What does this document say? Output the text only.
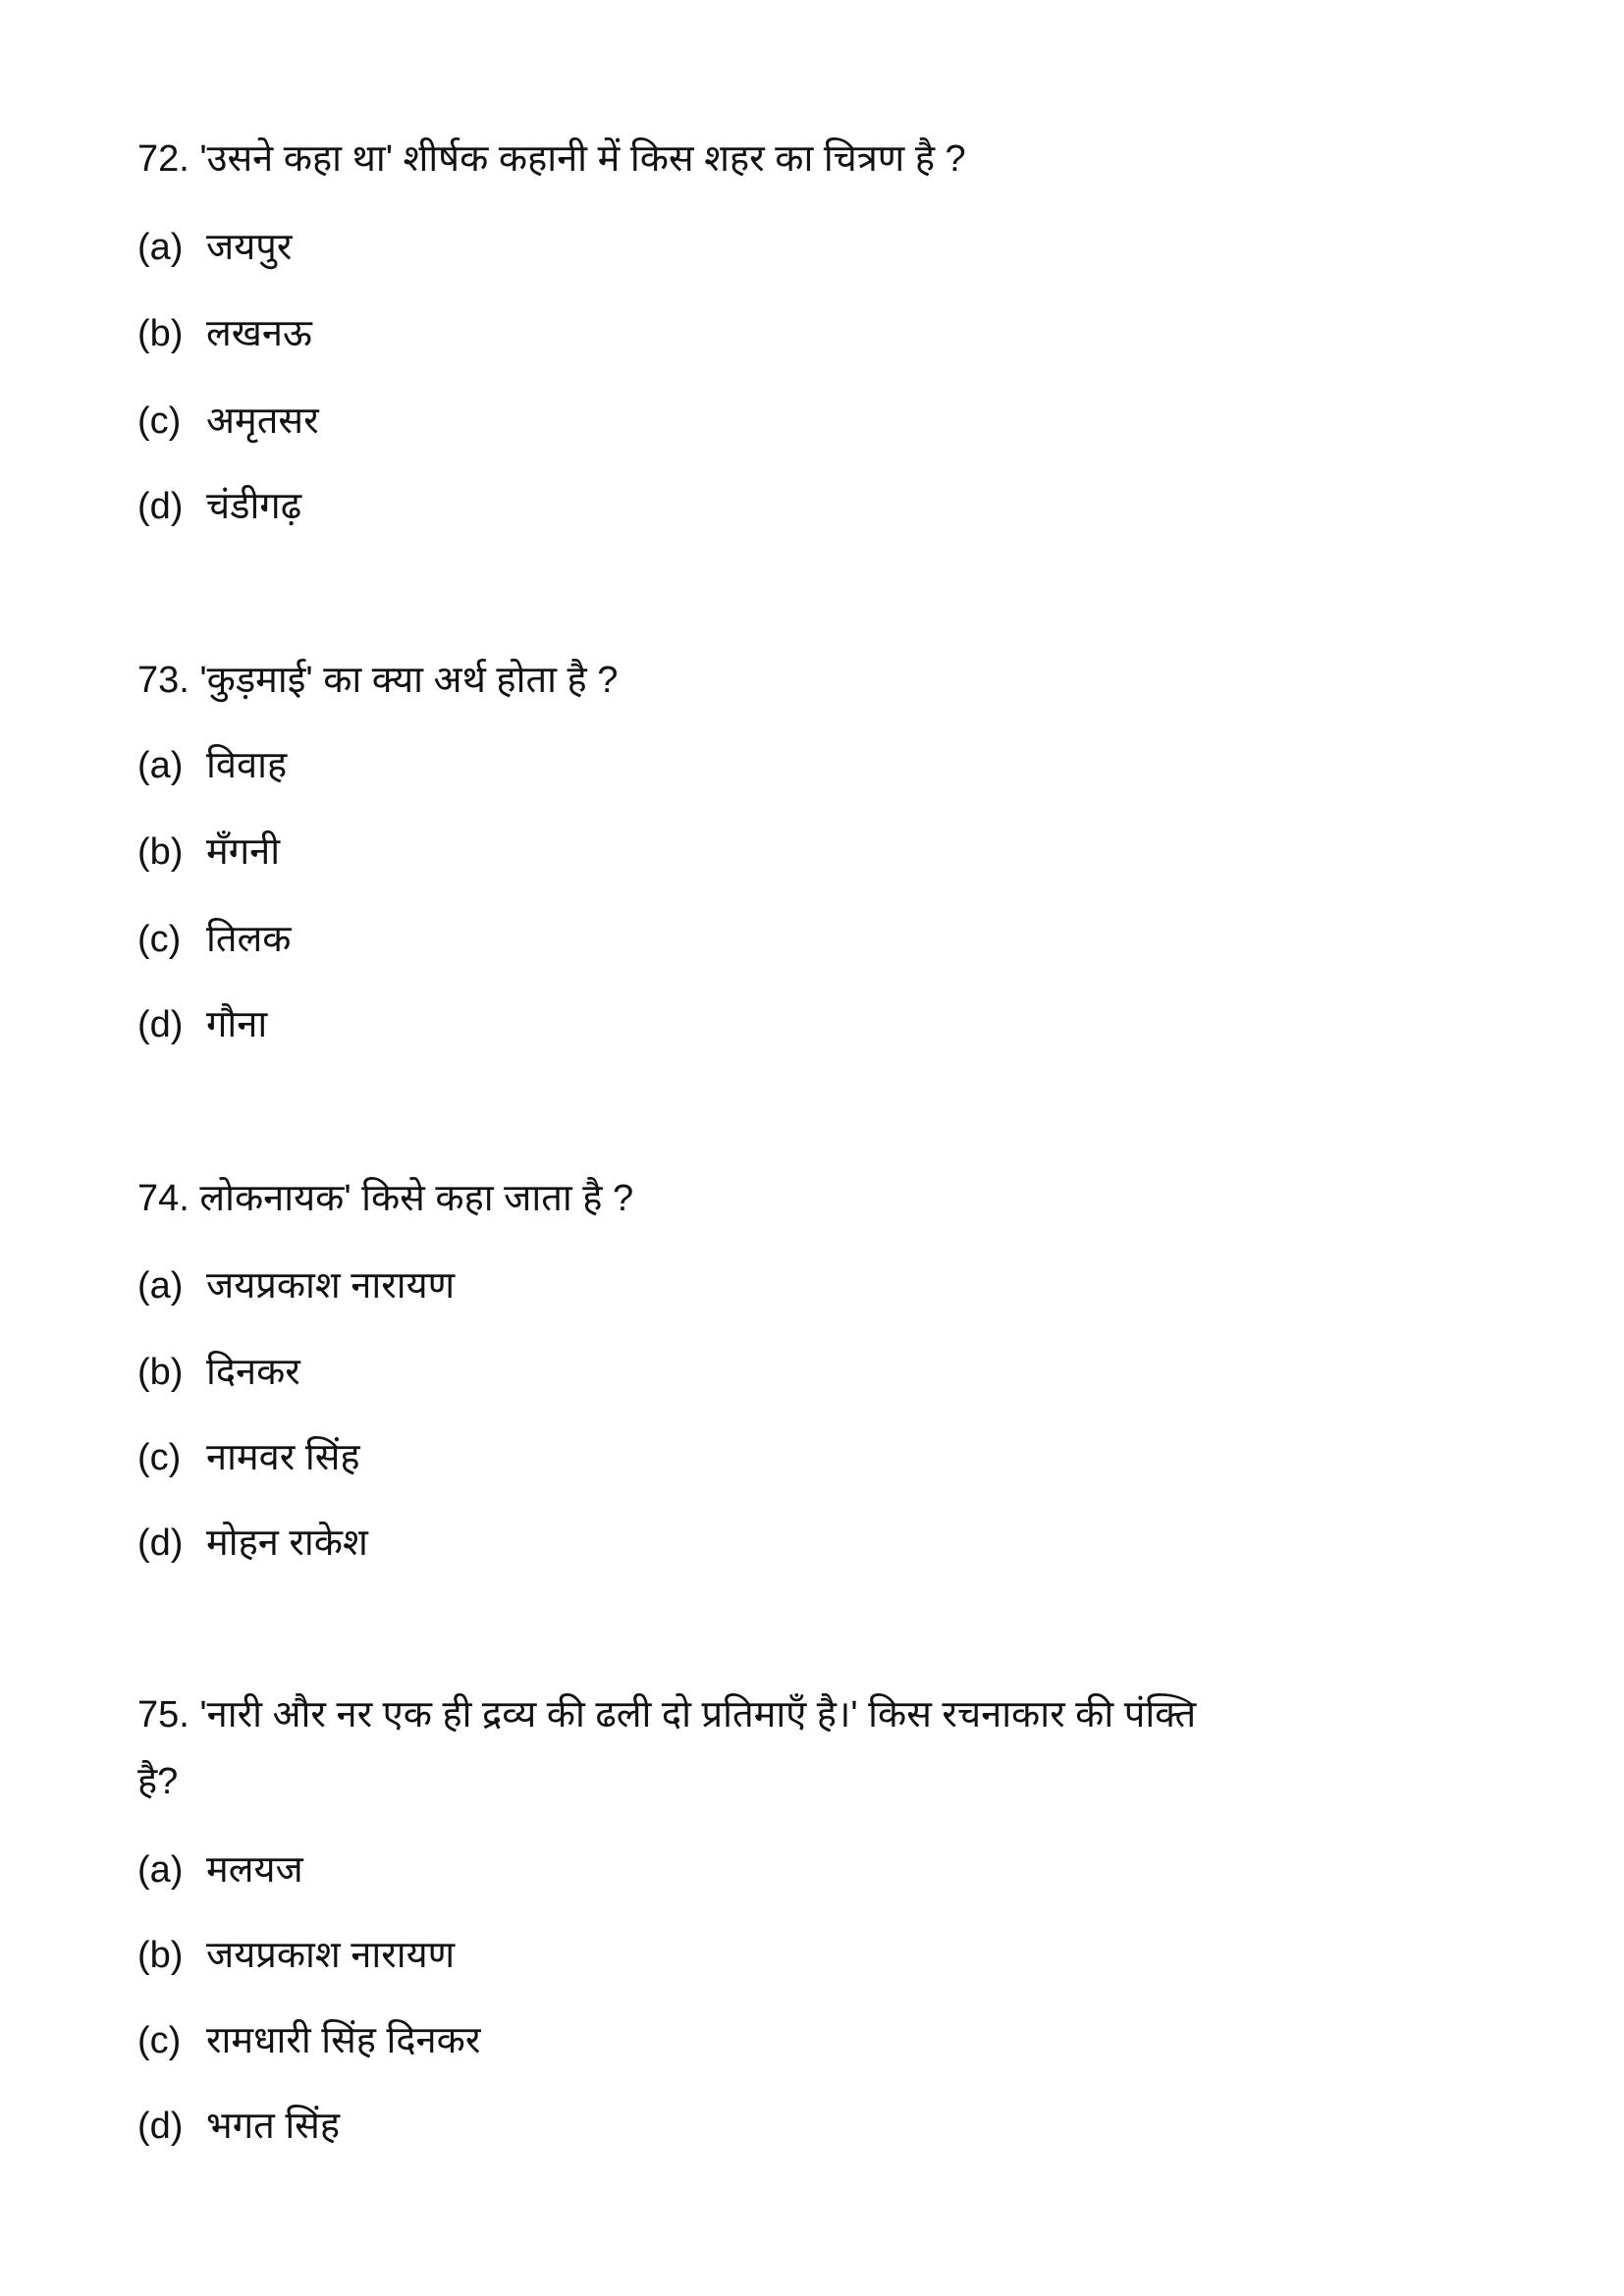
72. 'उसने कहा था' शीर्षक कहानी में किस शहर का चित्रण है ?
(a) जयपुर
(b) लखनऊ
(c) अमृतसर
(d) चंडीगढ़
73. 'कुड़माई' का क्या अर्थ होता है ?
(a) विवाह
(b) मँगनी
(c) तिलक
(d) गौना
74. लोकनायक' किसे कहा जाता है ?
(a) जयप्रकाश नारायण
(b) दिनकर
(c) नामवर सिंह
(d) मोहन राकेश
75. 'नारी और नर एक ही द्रव्य की ढली दो प्रतिमाएँ है।' किस रचनाकार की पंक्ति
है?
(a) मलयज
(b) जयप्रकाश नारायण
(c) रामधारी सिंह दिनकर
(d) भगत सिंह
